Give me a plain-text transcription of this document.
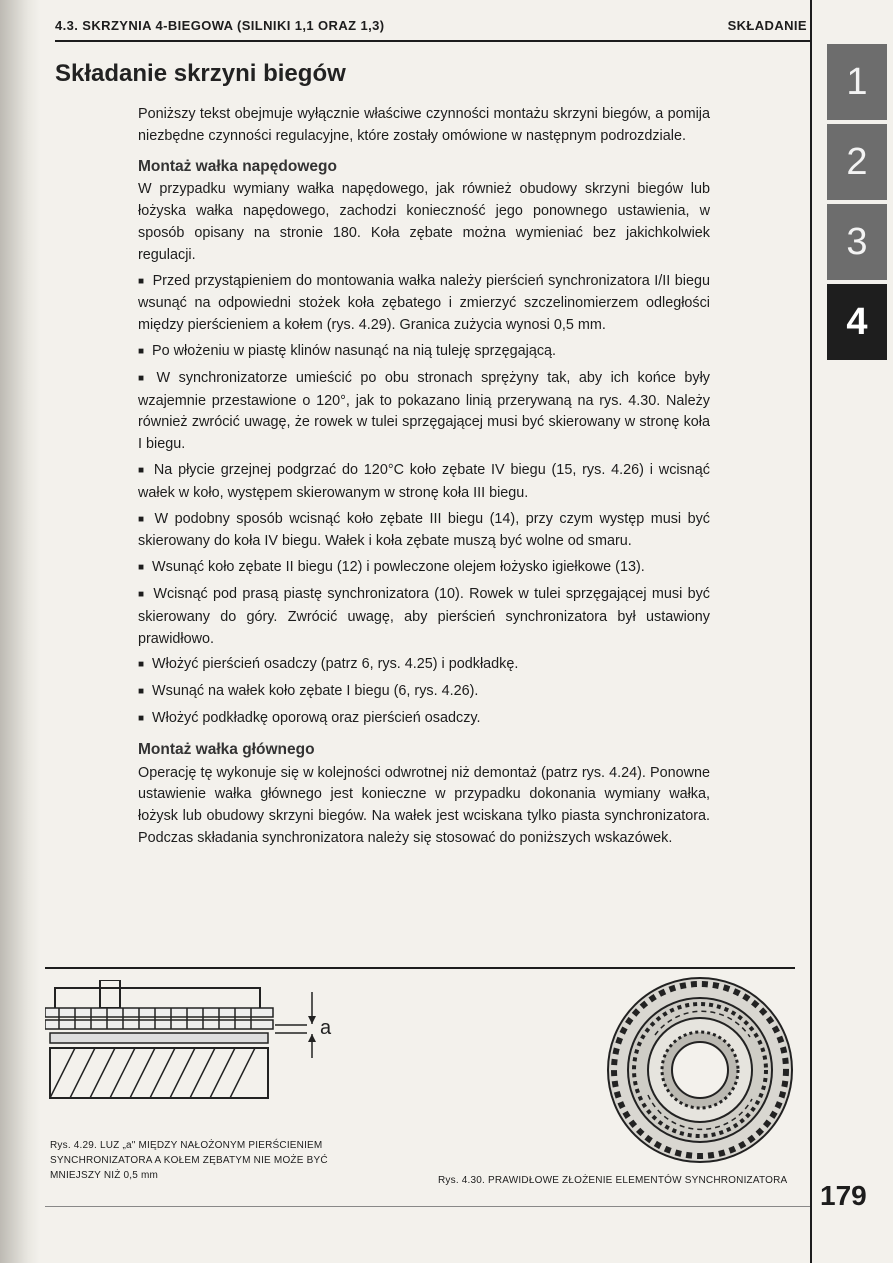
4.3. SKRZYNIA 4-BIEGOWA (SILNIKI 1,1 ORAZ 1,3)	SKŁADANIE
Składanie skrzyni biegów	1
2
3
4

Poniższy tekst obejmuje wyłącznie właściwe czynności montażu skrzyni biegów, a pomija niezbędne czynności regulacyjne, które zostały omówione w następnym podrozdziale.

Montaż wałka napędowego

W przypadku wymiany wałka napędowego, jak również obudowy skrzyni biegów lub łożyska wałka napędowego, zachodzi konieczność jego ponownego ustawienia, w sposób opisany na stronie 180. Koła zębate można wymieniać bez jakichkolwiek regulacji.

■ Przed przystąpieniem do montowania wałka należy pierścień synchronizatora I/II biegu wsunąć na odpowiedni stożek koła zębatego i zmierzyć szczelinomierzem odległości między pierścieniem a kołem (rys. 4.29). Granica zużycia wynosi 0,5 mm.

■ Po włożeniu w piastę klinów nasunąć na nią tuleję sprzęgającą.

■ W synchronizatorze umieścić po obu stronach sprężyny tak, aby ich końce były wzajemnie przestawione o 120°, jak to pokazano linią przerywaną na rys. 4.30. Należy również zwrócić uwagę, że rowek w tulei sprzęgającej musi być skierowany w stronę koła I biegu.

■ Na płycie grzejnej podgrzać do 120°C koło zębate IV biegu (15, rys. 4.26) i wcisnąć wałek w koło, występem skierowanym w stronę koła III biegu.

■ W podobny sposób wcisnąć koło zębate III biegu (14), przy czym występ musi być skierowany do koła IV biegu. Wałek i koła zębate muszą być wolne od smaru.

■ Wsunąć koło zębate II biegu (12) i powleczone olejem łożysko igiełkowe (13).

■ Wcisnąć pod prasą piastę synchronizatora (10). Rowek w tulei sprzęgającej musi być skierowany do góry. Zwrócić uwagę, aby pierścień synchronizatora był ustawiony prawidłowo.

■ Włożyć pierścień osadczy (patrz 6, rys. 4.25) i podkładkę.

■ Wsunąć na wałek koło zębate I biegu (6, rys. 4.26).

■ Włożyć podkładkę oporową oraz pierścień osadczy.

Montaż wałka głównego

Operację tę wykonuje się w kolejności odwrotnej niż demontaż (patrz rys. 4.24). Ponowne ustawienie wałka głównego jest konieczne w przypadku dokonania wymiany wałka, łożysk lub obudowy skrzyni biegów. Na wałek jest wciskana tylko piasta synchronizatora. Podczas składania synchronizatora należy się stosować do poniższych wskazówek.

a
Rys. 4.29. LUZ „a" MIĘDZY NAŁOŻONYM PIERŚCIENIEM SYNCHRONIZATORA A KOŁEM ZĘBATYM NIE MOŻE BYĆ MNIEJSZY NIŻ 0,5 mm	Rys. 4.30. PRAWIDŁOWE ZŁOŻENIE ELEMENTÓW SYNCHRONIZATORA 179
